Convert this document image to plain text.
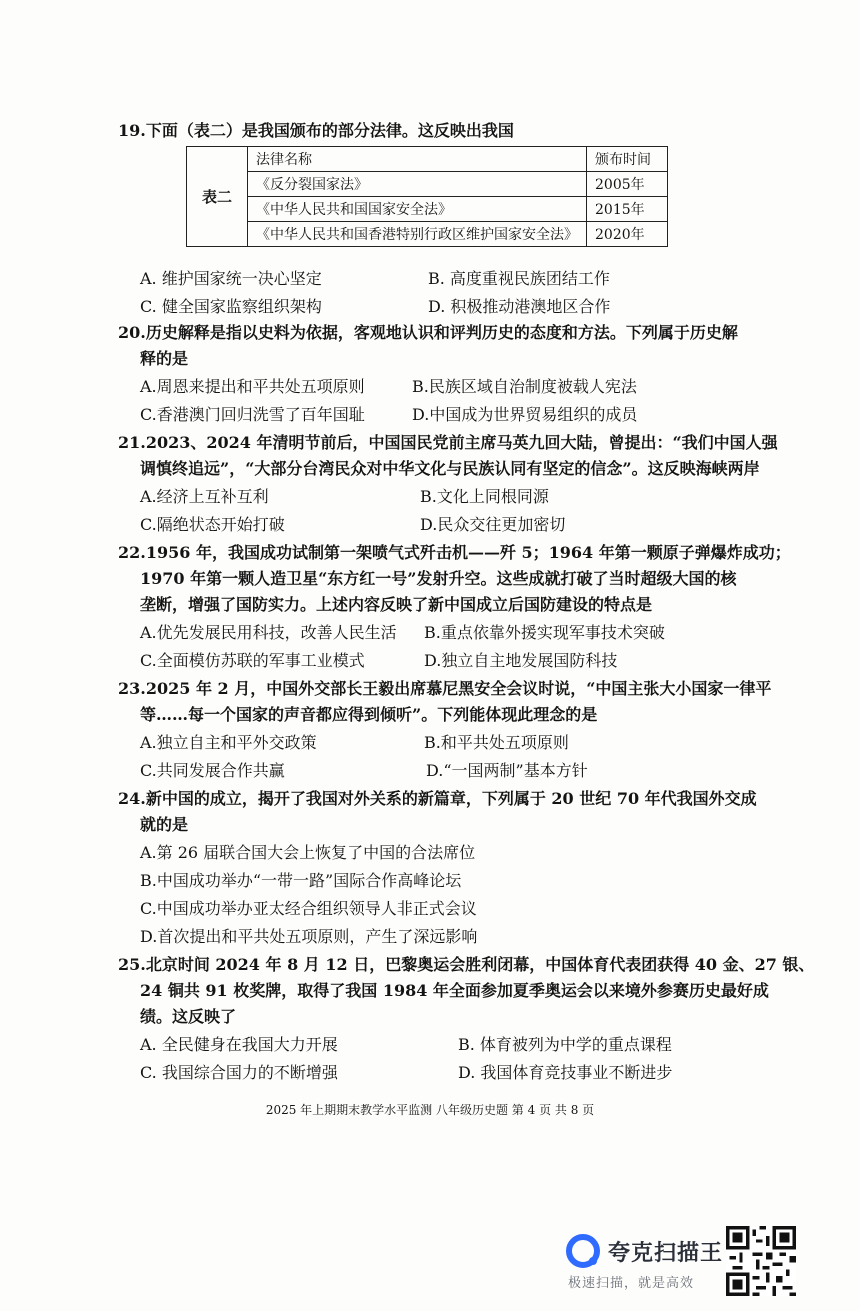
19.下面（表二）是我国颁布的部分法律。这反映出我国
表二	法律名称	颁布时间
	《反分裂国家法》	2005年
	《中华人民共和国国家安全法》	2015年
	《中华人民共和国香港特别行政区维护国家安全法》	2020年
A. 维护国家统一决心坚定	B. 高度重视民族团结工作
C. 健全国家监察组织架构	D. 积极推动港澳地区合作
20.历史解释是指以史料为依据，客观地认识和评判历史的态度和方法。下列属于历史解
释的是
A.周恩来提出和平共处五项原则	B.民族区域自治制度被载人宪法
C.香港澳门回归洗雪了百年国耻	D.中国成为世界贸易组织的成员
21.2023、2024 年清明节前后，中国国民党前主席马英九回大陆，曾提出：“我们中国人强
调慎终追远”，“大部分台湾民众对中华文化与民族认同有坚定的信念”。这反映海峡两岸
A.经济上互补互利	B.文化上同根同源
C.隔绝状态开始打破	D.民众交往更加密切
22.1956 年，我国成功试制第一架喷气式歼击机——歼 5；1964 年第一颗原子弹爆炸成功；
1970 年第一颗人造卫星“东方红一号”发射升空。这些成就打破了当时超级大国的核
垄断，增强了国防实力。上述内容反映了新中国成立后国防建设的特点是
A.优先发展民用科技，改善人民生活 B.重点依靠外援实现军事技术突破
C.全面模仿苏联的军事工业模式	D.独立自主地发展国防科技
23.2025 年 2 月，中国外交部长王毅出席慕尼黑安全会议时说，“中国主张大小国家一律平
等……每一个国家的声音都应得到倾听”。下列能体现此理念的是
A.独立自主和平外交政策	B.和平共处五项原则
C.共同发展合作共赢	D.“一国两制”基本方针
24.新中国的成立，揭开了我国对外关系的新篇章，下列属于 20 世纪 70 年代我国外交成
就的是
A.第 26 届联合国大会上恢复了中国的合法席位
B.中国成功举办“一带一路”国际合作高峰论坛
C.中国成功举办亚太经合组织领导人非正式会议
D.首次提出和平共处五项原则，产生了深远影响
25.北京时间 2024 年 8 月 12 日，巴黎奥运会胜利闭幕，中国体育代表团获得 40 金、27 银、
24 铜共 91 枚奖牌，取得了我国 1984 年全面参加夏季奥运会以来境外参赛历史最好成
绩。这反映了
A. 全民健身在我国大力开展	B. 体育被列为中学的重点课程
C. 我国综合国力的不断增强	D. 我国体育竞技事业不断进步
2025 年上期期末教学水平监测 八年级历史题 第 4 页 共 8 页
夸克扫描王
极速扫描，就是高效
